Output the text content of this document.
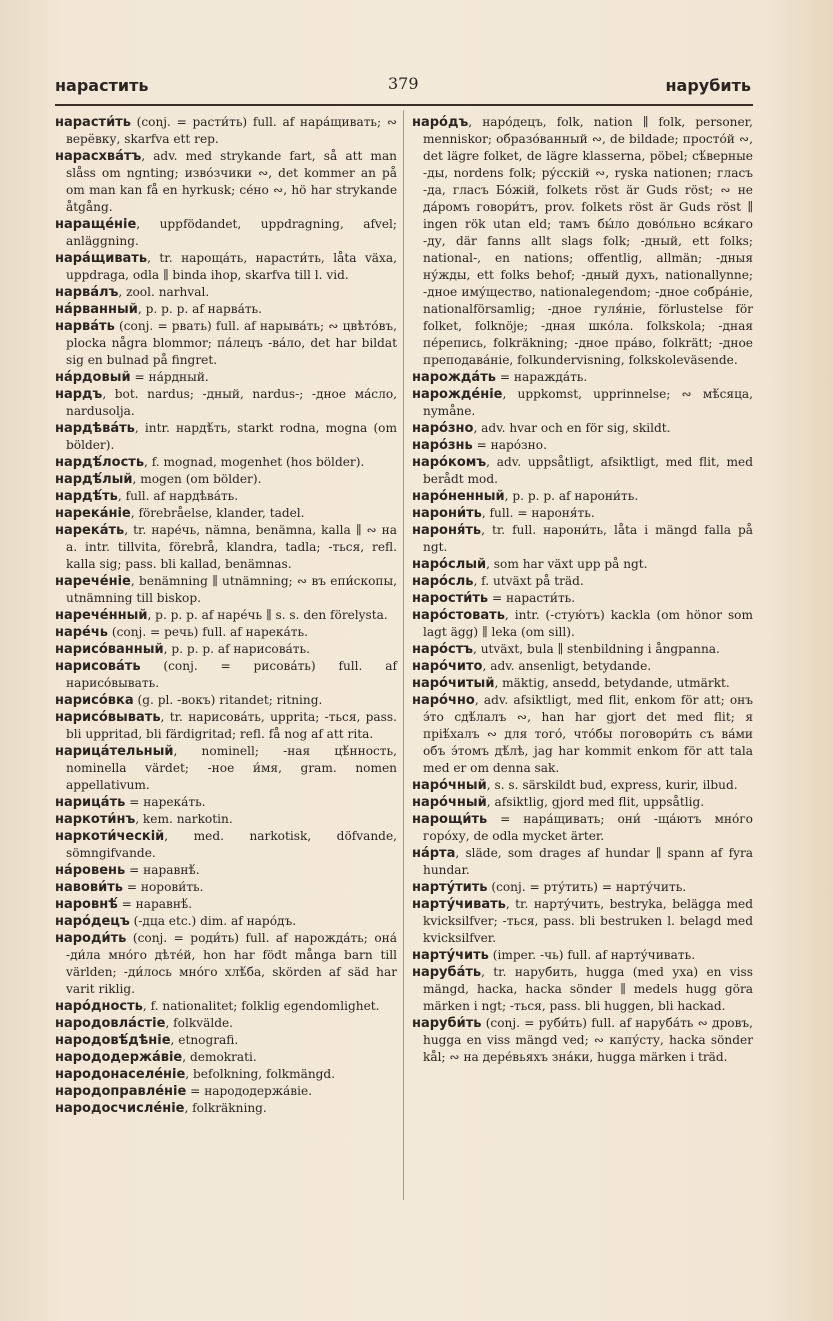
нарастить	379	нарубить

нарасти́ть (conj. = расти́ть) full. af нара́щивать; ∾ верёвку, skarfva ett rep.

нарасхва́тъ, adv. med strykande fart, så att man slåss om ngnting; изво́зчики ∾, det kommer an på om man kan få en hyrkusk; се́но ∾, hö har strykande åtgång.

наращéніе, uppfödandet, uppdragning, afvel; anläggning.

нара́щивать, tr. нароща́ть, нарасти́ть, låta växa, uppdraga, odla ∥ binda ihop, skarfva till l. vid.

нарва́лъ, zool. narhval.

на́рванный, p. p. p. af нарва́ть.

нарва́ть (conj. = рвать) full. af нарыва́ть; ∾ цвѣто́въ, plocka några blommor; па́лецъ -ва́ло, det har bildat sig en bulnad på fingret.

на́рдовый = на́рдный.

нардъ, bot. nardus; -дный, nardus-; -дное ма́сло, nardusolja.

нардѣва́ть, intr. нардѣ́ть, starkt rodna, mogna (om bölder).

нардѣ́лость, f. mognad, mogenhet (hos bölder).

нардѣ́лый, mogen (om bölder).

нардѣ́ть, full. af нардѣва́ть.

нарека́ніе, förebråelse, klander, tadel.

нарека́ть, tr. наре́чь, nämna, benämna, kalla ∥ ∾ на a. intr. tillvita, förebrå, klandra, tadla; -ться, refl. kalla sig; pass. bli kallad, benämnas.

нарече́ніе, benämning ∥ utnämning; ∾ въ епи́скопы, utnämning till biskop.

нарече́нный, p. p. p. af наре́чь ∥ s. s. den förelysta.

наре́чь (conj. = речь) full. af нарека́ть.

нарисо́ванный, p. p. p. af нарисова́ть.

нарисова́ть (conj. = рисова́ть) full. af нарисо́вывать.

нарисо́вка (g. pl. -вокъ) ritandet; ritning.

нарисо́вывать, tr. нарисова́ть, upprita; -ться, pass. bli uppritad, bli färdigritad; refl. få nog af att rita.

нарица́тельный, nominell; -ная цѣ́нность, nominella värdet; -ное и́мя, gram. nomen appellativum.

нарица́ть = нарека́ть.

наркоти́нъ, kem. narkotin.

наркоти́ческій, med. narkotisk, döfvande, sömngifvande.

на́ровень = наравнѣ́.

навови́ть = норови́ть.

наровнѣ́ = наравнѣ́.

наро́децъ (-дца etc.) dim. af наро́дъ.

народи́ть (conj. = роди́ть) full. af нарожда́ть; она́ -ди́ла мно́го дѣте́й, hon har födt många barn till världen; -ди́лось мно́го хлѣ́ба, skörden af säd har varit riklig.

наро́дность, f. nationalitet; folklig egendomlighet.

народовла́стіе, folkvälde.

народовѣ́дѣніе, etnografi.

народодержа́віе, demokrati.

народонаселе́ніе, befolkning, folkmängd.

народоправле́ніе = народодержа́віе.

народосчисле́ніе, folkräkning.

наро́дъ, наро́децъ, folk, nation ∥ folk, personer, menniskor; образо́ванный ∾, de bildade; просто́й ∾, det lägre folket, de lägre klasserna, pöbel; сѣ́верные -ды, nordens folk; ру́сскій ∾, ryska nationen; гласъ -да, гласъ Бо́жій, folkets röst är Guds röst; ∾ не да́ромъ говори́тъ, prov. folkets röst är Guds röst ∥ ingen rök utan eld; тамъ бы́ло дово́льно вся́каго -ду, där fanns allt slags folk; -дный, ett folks; national-, en nations; offentlig, allmän; -дныя ну́жды, ett folks behof; -дный духъ, nationallynne; -дное иму́щество, nationalegendom; -дное собра́ніе, nationalförsamlig; -дное гуля́ніе, förlustelse för folket, folknöje; -дная шко́ла. folkskola; -дная пе́репись, folkräkning; -дное пра́во, folkrätt; -дное преподава́ніе, folkundervisning, folkskoleväsende.

нарожда́ть = наражда́ть.

нарожде́ніе, uppkomst, upprinnelse; ∾ мѣ́сяца, nymåne.

наро́зно, adv. hvar och en för sig, skildt.

наро́знь = наро́зно.

наро́комъ, adv. uppsåtligt, afsiktligt, med flit, med berådt mod.

наро́ненный, p. p. p. af нарони́ть.

нарони́ть, full. = нароня́ть.

нароня́ть, tr. full. нарони́ть, låta i mängd falla på ngt.

наро́слый, som har växt upp på ngt.

наро́сль, f. utväxt på träd.

нарости́ть = нарасти́ть.

наро́стовать, intr. (-стую́тъ) kackla (om hönor som lagt ägg) ∥ leka (om sill).

наро́стъ, utväxt, bula ∥ stenbildning i ångpanna.

наро́чито, adv. ansenligt, betydande.

наро́читый, mäktig, ansedd, betydande, utmärkt.

наро́чно, adv. afsiktligt, med flit, enkom för att; онъ э́то сдѣ́лалъ ∾, han har gjort det med flit; я пріѣ́халъ ∾ для того́, что́бы поговори́ть съ ва́ми объ э́томъ дѣ́лѣ, jag har kommit enkom för att tala med er om denna sak.

наро́чный, s. s. särskildt bud, express, kurir, ilbud.

наро́чный, afsiktlig, gjord med flit, uppsåtlig.

нарощи́ть = нара́щивать; они́ -ща́ютъ мно́го горо́ху, de odla mycket ärter.

на́рта, släde, som drages af hundar ∥ spann af fyra hundar.

нарту́тить (conj. = рту́тить) = нарту́чить.

нарту́чивать, tr. нарту́чить, bestryka, belägga med kvicksilfver; -ться, pass. bli bestruken l. belagd med kvicksilfver.

нарту́чить (imper. -чь) full. af нарту́чивать.

наруба́ть, tr. нарубить, hugga (med уха) en viss mängd, hacka, hacka sönder ∥ medels hugg göra märken i ngt; -ться, pass. bli huggen, bli hackad.

наруби́ть (conj. = руби́ть) full. af наруба́ть ∾ дровъ, hugga en viss mängd ved; ∾ капу́сту, hacka sönder kål; ∾ на дере́вьяхъ зна́ки, hugga märken i träd.
